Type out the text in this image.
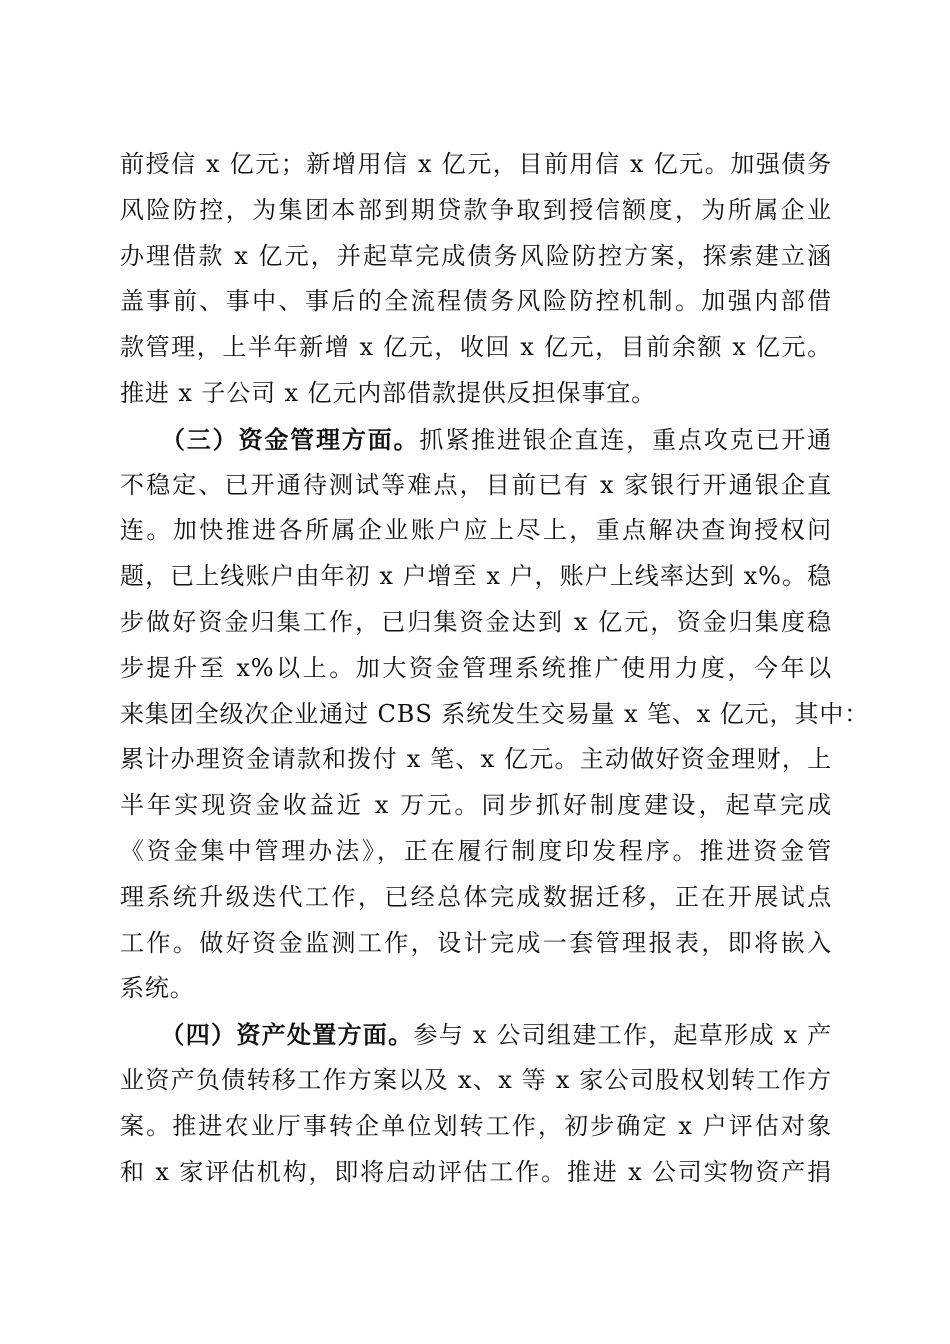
前授信 x 亿元；新增用信 x 亿元，目前用信 x 亿元。加强债务
风险防控，为集团本部到期贷款争取到授信额度，为所属企业
办理借款 x 亿元，并起草完成债务风险防控方案，探索建立涵
盖事前、事中、事后的全流程债务风险防控机制。加强内部借
款管理，上半年新增 x 亿元，收回 x 亿元，目前余额 x 亿元。
推进 x 子公司 x 亿元内部借款提供反担保事宜。
（三）资金管理方面。抓紧推进银企直连，重点攻克已开通
不稳定、已开通待测试等难点，目前已有 x 家银行开通银企直
连。加快推进各所属企业账户应上尽上，重点解决查询授权问
题，已上线账户由年初 x 户增至 x 户，账户上线率达到 x%。稳
步做好资金归集工作，已归集资金达到 x 亿元，资金归集度稳
步提升至 x%以上。加大资金管理系统推广使用力度，今年以
来集团全级次企业通过 CBS 系统发生交易量 x 笔、x 亿元，其中：
累计办理资金请款和拨付 x 笔、x 亿元。主动做好资金理财，上
半年实现资金收益近 x 万元。同步抓好制度建设，起草完成
《资金集中管理办法》，正在履行制度印发程序。推进资金管
理系统升级迭代工作，已经总体完成数据迁移，正在开展试点
工作。做好资金监测工作，设计完成一套管理报表，即将嵌入
系统。
（四）资产处置方面。参与 x 公司组建工作，起草形成 x 产
业资产负债转移工作方案以及 x、x 等 x 家公司股权划转工作方
案。推进农业厅事转企单位划转工作，初步确定 x 户评估对象
和 x 家评估机构，即将启动评估工作。推进 x 公司实物资产捐
